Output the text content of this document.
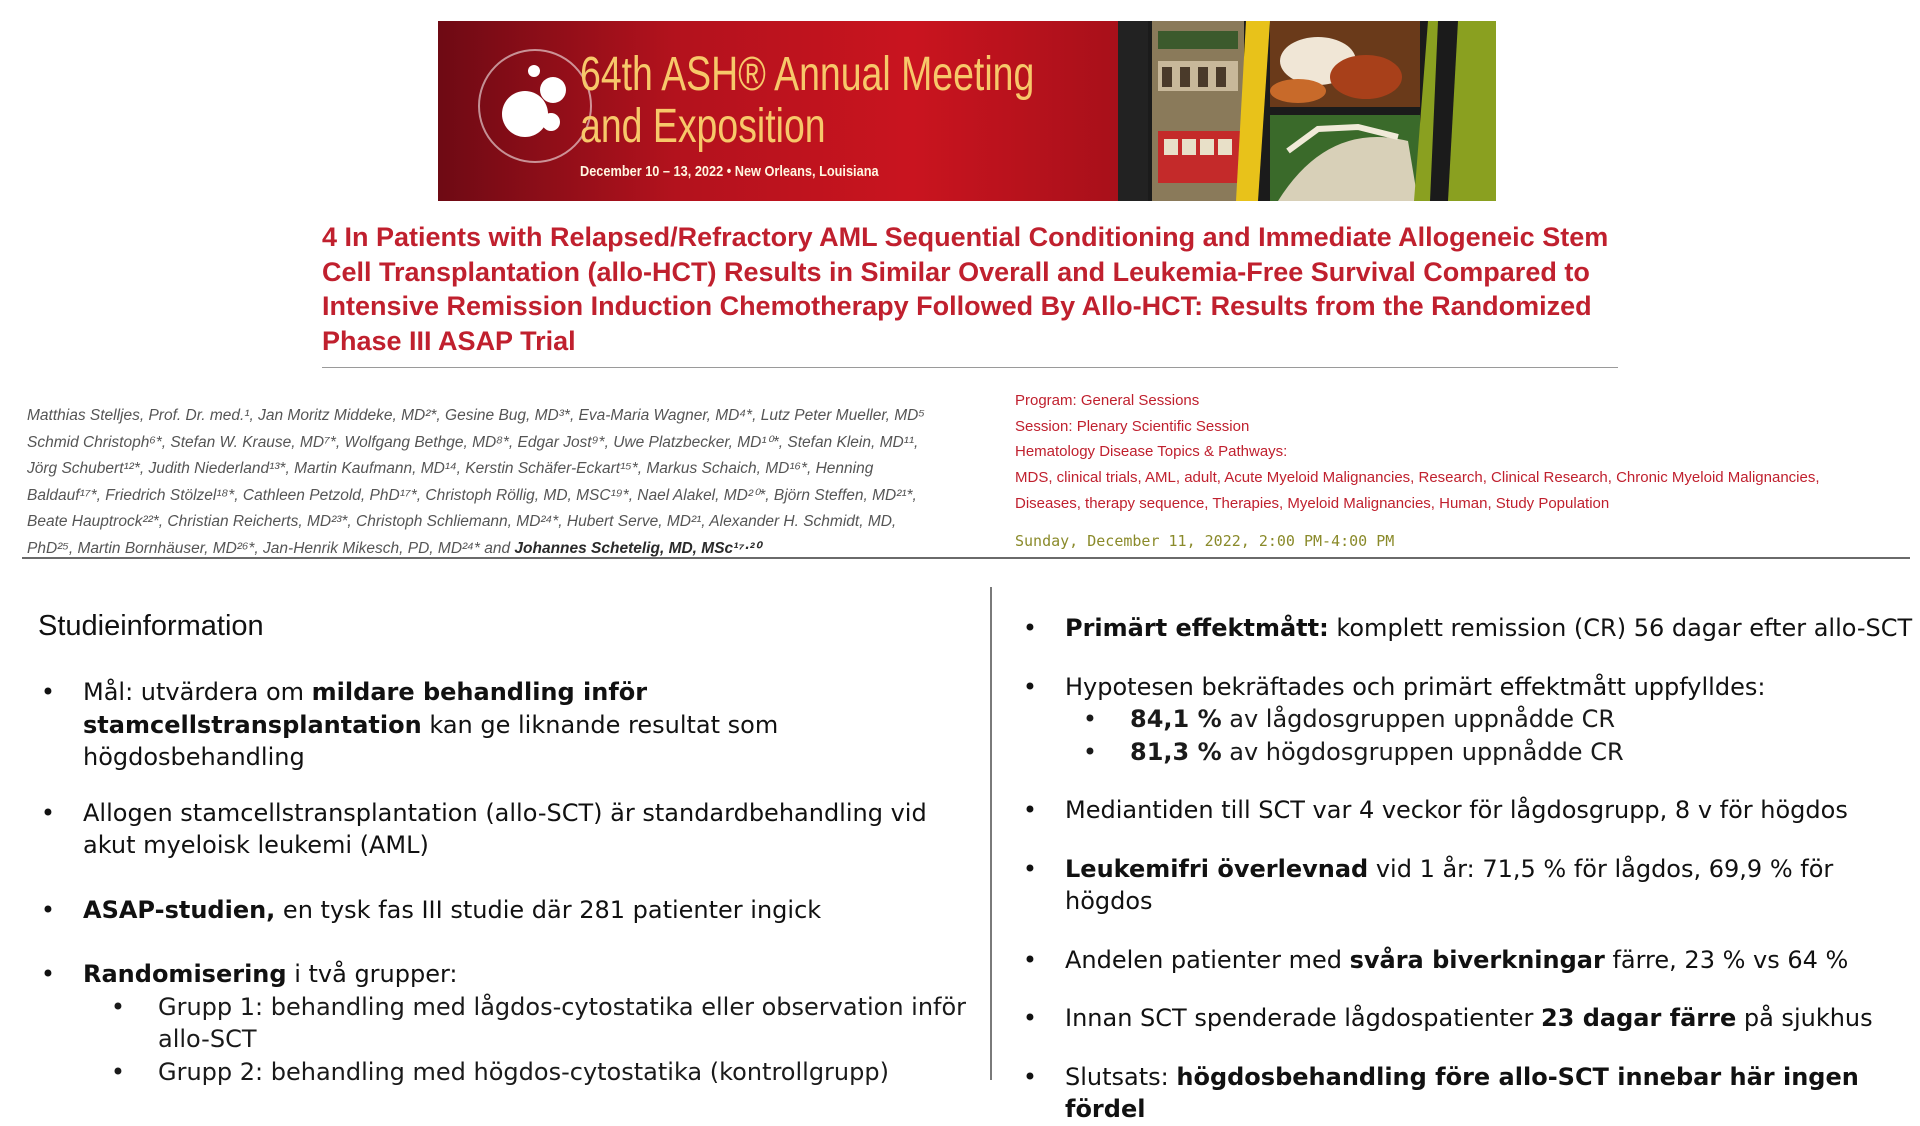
64th ASH® Annual Meeting
and Exposition
December 10 – 13, 2022 • New Orleans, Louisiana
4 In Patients with Relapsed/Refractory AML Sequential Conditioning and Immediate Allogeneic Stem Cell Transplantation (allo-HCT) Results in Similar Overall and Leukemia-Free Survival Compared to Intensive Remission Induction Chemotherapy Followed By Allo-HCT: Results from the Randomized Phase III ASAP Trial
Matthias Stelljes, Prof. Dr. med.¹, Jan Moritz Middeke, MD²*, Gesine Bug, MD³*, Eva-Maria Wagner, MD⁴*, Lutz Peter Mueller, MD⁵
Schmid Christoph⁶*, Stefan W. Krause, MD⁷*, Wolfgang Bethge, MD⁸*, Edgar Jost⁹*, Uwe Platzbecker, MD¹⁰*, Stefan Klein, MD¹¹,
Jörg Schubert¹²*, Judith Niederland¹³*, Martin Kaufmann, MD¹⁴, Kerstin Schäfer-Eckart¹⁵*, Markus Schaich, MD¹⁶*, Henning
Baldauf¹⁷*, Friedrich Stölzel¹⁸*, Cathleen Petzold, PhD¹⁷*, Christoph Röllig, MD, MSC¹⁹*, Nael Alakel, MD²⁰*, Björn Steffen, MD²¹*,
Beate Hauptrock²²*, Christian Reicherts, MD²³*, Christoph Schliemann, MD²⁴*, Hubert Serve, MD²¹, Alexander H. Schmidt, MD,
PhD²⁵, Martin Bornhäuser, MD²⁶*, Jan-Henrik Mikesch, PD, MD²⁴* and Johannes Schetelig, MD, MSc¹⁷·²⁰
Program: General Sessions
Session: Plenary Scientific Session
Hematology Disease Topics & Pathways:
MDS, clinical trials, AML, adult, Acute Myeloid Malignancies, Research, Clinical Research, Chronic Myeloid Malignancies,
Diseases, therapy sequence, Therapies, Myeloid Malignancies, Human, Study Population
Sunday, December 11, 2022, 2:00 PM-4:00 PM
Studieinformation
• Mål: utvärdera om mildare behandling inför stamcellstransplantation kan ge liknande resultat som högdosbehandling
• Allogen stamcellstransplantation (allo-SCT) är standardbehandling vid akut myeloisk leukemi (AML)
• ASAP-studien, en tysk fas III studie där 281 patienter ingick
• Randomisering i två grupper:
• Grupp 1: behandling med lågdos-cytostatika eller observation inför allo-SCT
• Grupp 2: behandling med högdos-cytostatika (kontrollgrupp)
• Primärt effektmått: komplett remission (CR) 56 dagar efter allo-SCT
• Hypotesen bekräftades och primärt effektmått uppfylldes:
• 84,1 % av lågdosgruppen uppnådde CR
• 81,3 % av högdosgruppen uppnådde CR
• Mediantiden till SCT var 4 veckor för lågdosgrupp, 8 v för högdos
• Leukemifri överlevnad vid 1 år: 71,5 % för lågdos, 69,9 % för högdos
• Andelen patienter med svåra biverkningar färre, 23 % vs 64 %
• Innan SCT spenderade lågdospatienter 23 dagar färre på sjukhus
• Slutsats: högdosbehandling före allo-SCT innebar här ingen fördel
